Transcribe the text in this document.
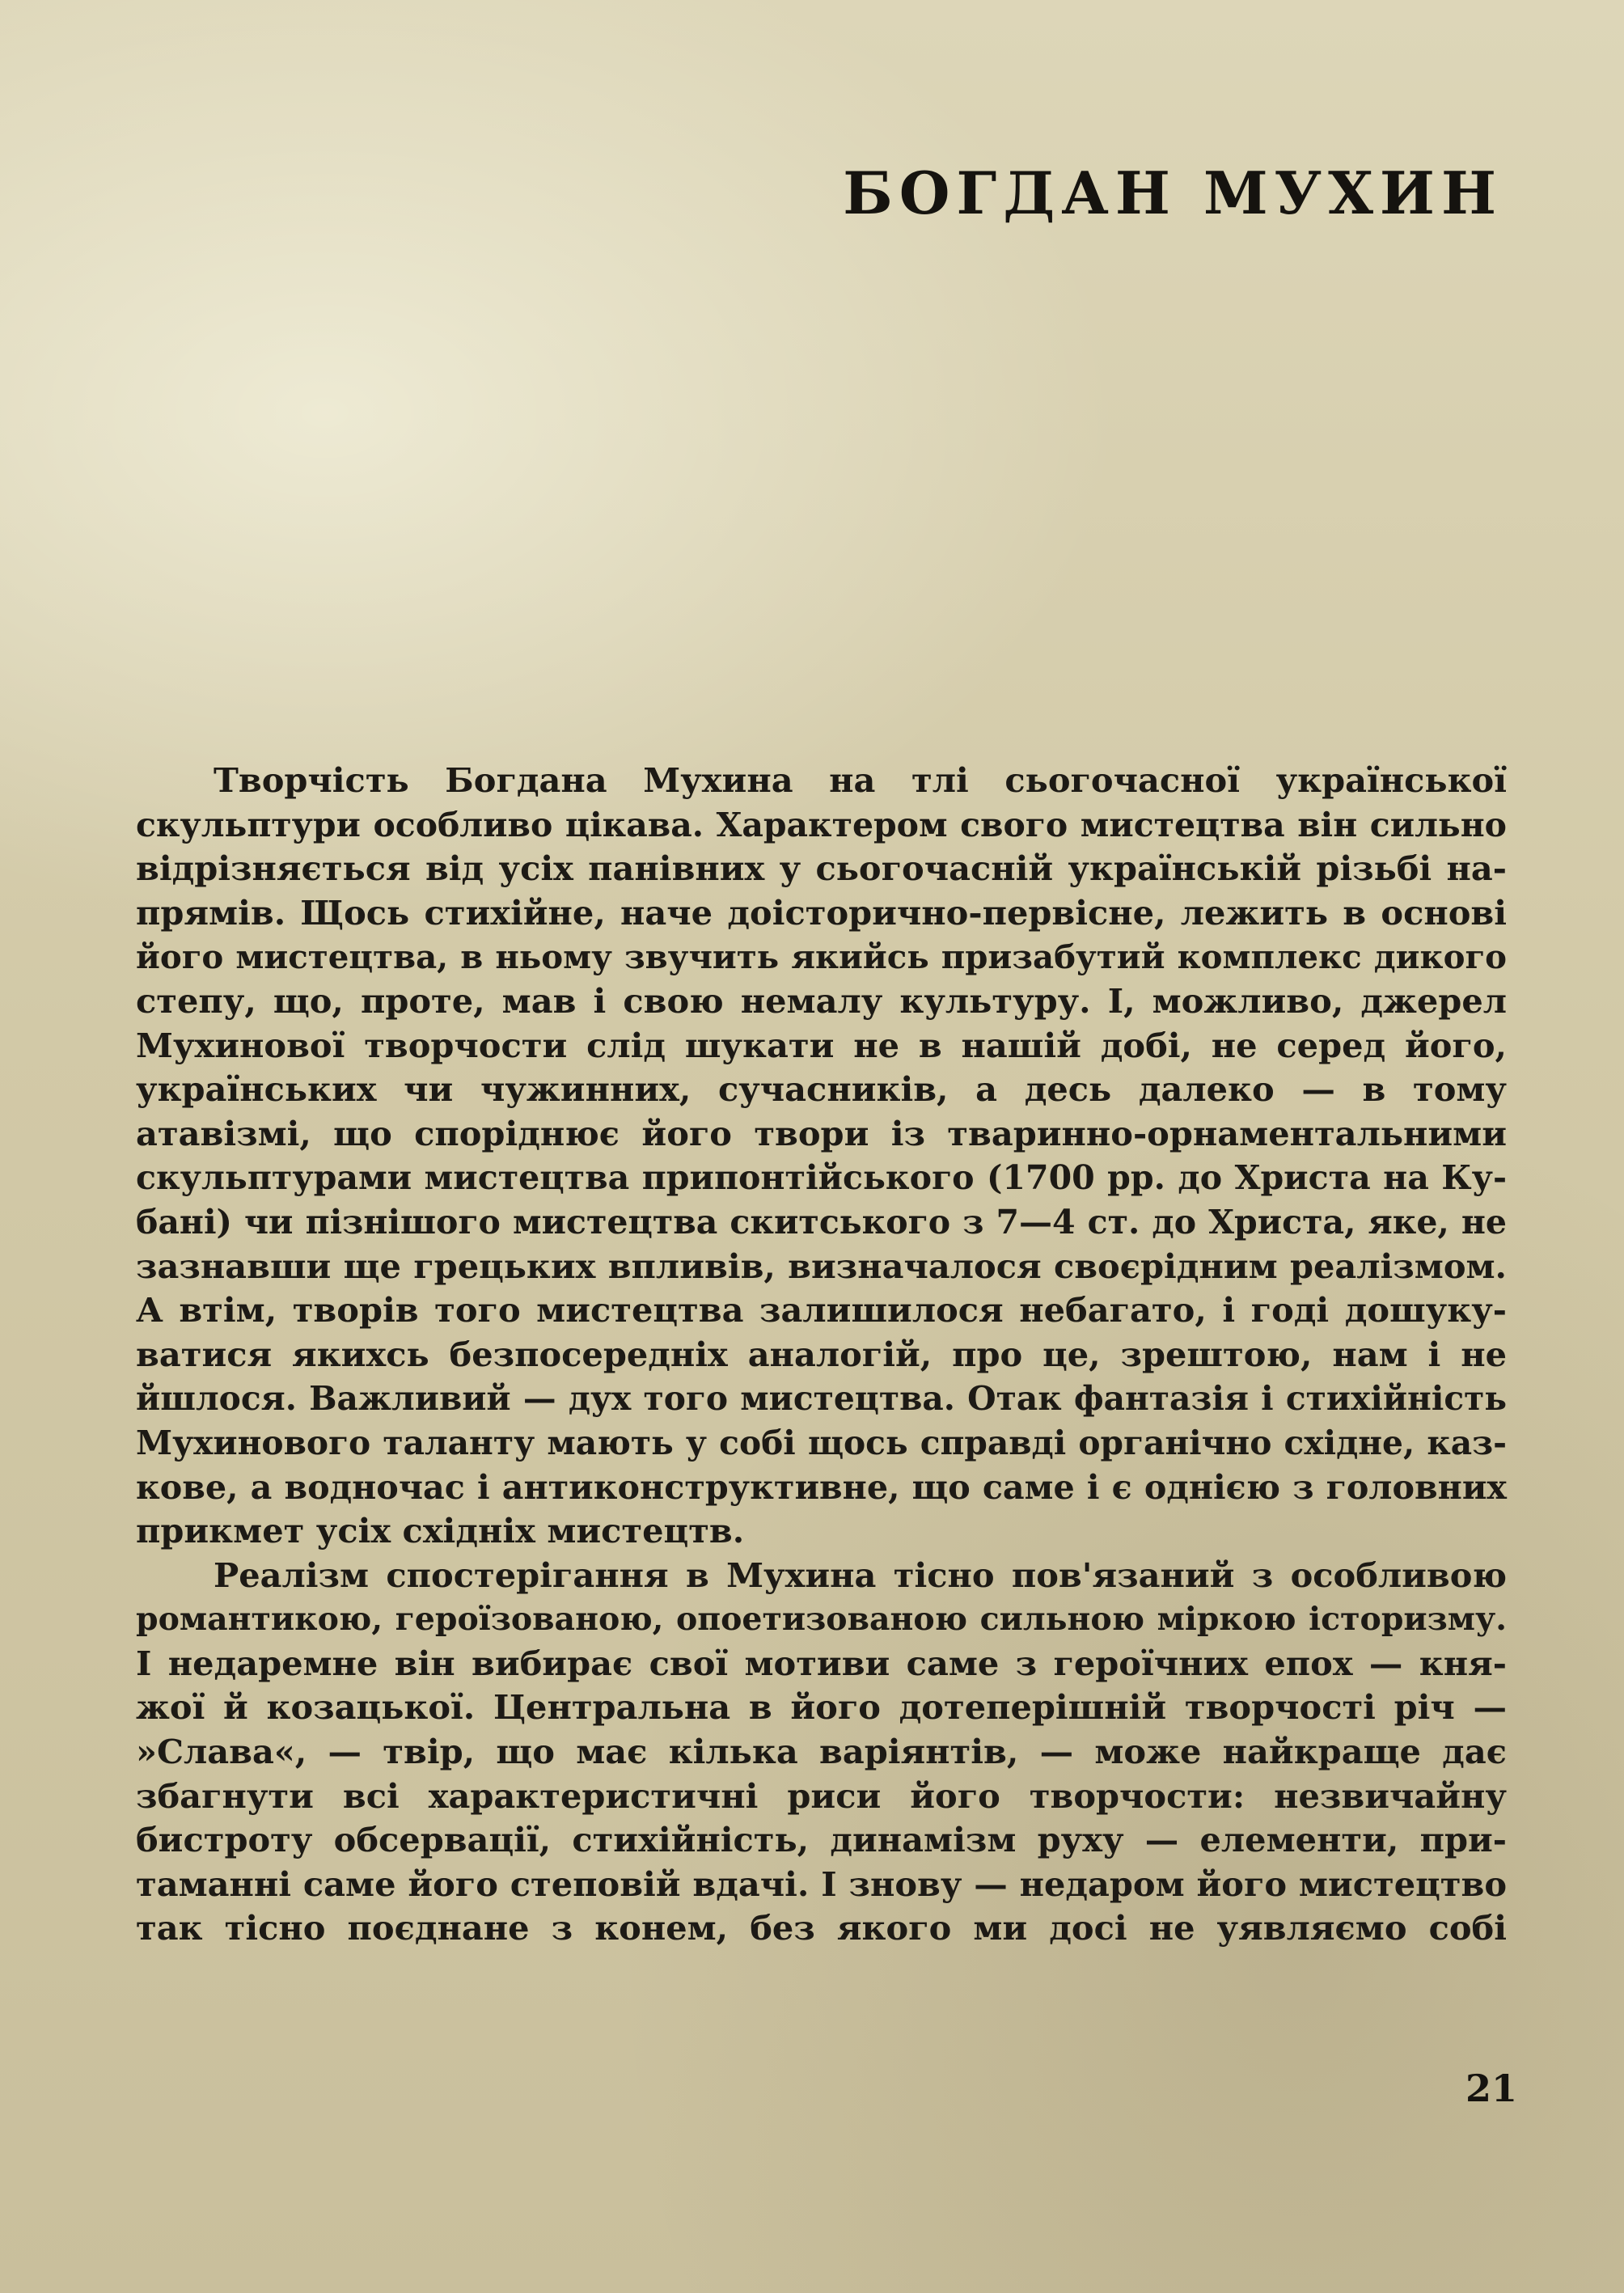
БОГДАН МУХИН
Творчість Богдана Мухина на тлі сьогочасної української
скульптури особливо цікава. Характером свого мистецтва він сильно
відрізняється від усіх панівних у сьогочасній українській різьбі на-
прямів. Щось стихійне, наче доісторично-первісне, лежить в основі
його мистецтва, в ньому звучить якийсь призабутий комплекс дикого
степу, що, проте, мав і свою немалу культуру. І, можливо, джерел
Мухинової творчости слід шукати не в нашій добі, не серед його,
українських чи чужинних, сучасників, а десь далеко — в тому
атавізмі, що споріднює його твори із тваринно-орнаментальними
скульптурами мистецтва припонтійського (1700 рр. до Христа на Ку-
бані) чи пізнішого мистецтва скитського з 7—4 ст. до Христа, яке, не
зазнавши ще грецьких впливів, визначалося своєрідним реалізмом.
А втім, творів того мистецтва залишилося небагато, і годі дошуку-
ватися якихсь безпосередніх аналогій, про це, зрештою, нам і не
йшлося. Важливий — дух того мистецтва. Отак фантазія і стихійність
Мухинового таланту мають у собі щось справді органічно східне, каз-
кове, а водночас і антиконструктивне, що саме і є однією з головних
прикмет усіх східніх мистецтв.
Реалізм спостерігання в Мухина тісно пов'язаний з особливою
романтикою, героїзованою, опоетизованою сильною міркою історизму.
І недаремне він вибирає свої мотиви саме з героїчних епох — кня-
жої й козацької. Центральна в його дотеперішній творчості річ —
»Слава«, — твір, що має кілька варіянтів, — може найкраще дає
збагнути всі характеристичні риси його творчости: незвичайну
бистроту обсервації, стихійність, динамізм руху — елементи, при-
таманні саме його степовій вдачі. І знову — недаром його мистецтво
так тісно поєднане з конем, без якого ми досі не уявляємо собі
21
